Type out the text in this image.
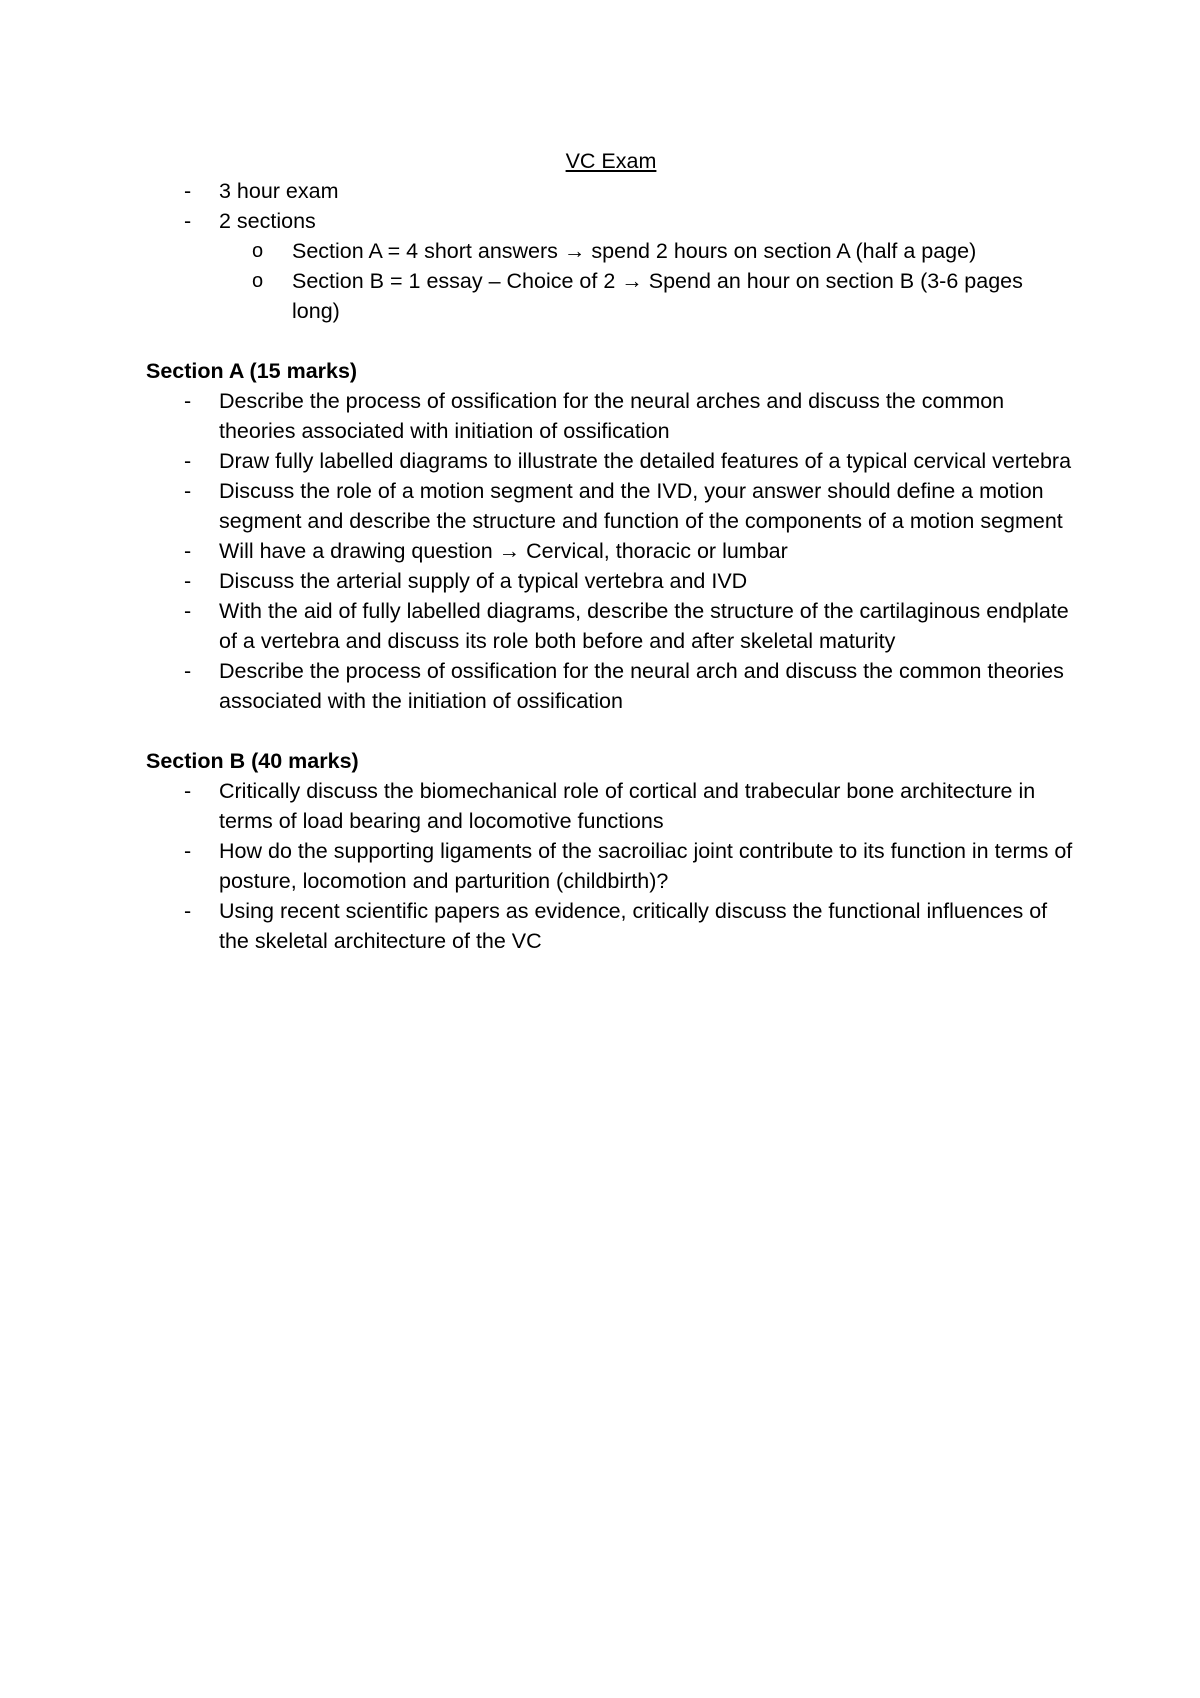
VC Exam
- 3 hour exam
- 2 sections
o Section A = 4 short answers → spend 2 hours on section A (half a page)
o Section B = 1 essay – Choice of 2 → Spend an hour on section B (3-6 pages long)
Section A (15 marks)
- Describe the process of ossification for the neural arches and discuss the common theories associated with initiation of ossification
- Draw fully labelled diagrams to illustrate the detailed features of a typical cervical vertebra
- Discuss the role of a motion segment and the IVD, your answer should define a motion segment and describe the structure and function of the components of a motion segment
- Will have a drawing question → Cervical, thoracic or lumbar
- Discuss the arterial supply of a typical vertebra and IVD
- With the aid of fully labelled diagrams, describe the structure of the cartilaginous endplate of a vertebra and discuss its role both before and after skeletal maturity
- Describe the process of ossification for the neural arch and discuss the common theories associated with the initiation of ossification
Section B (40 marks)
- Critically discuss the biomechanical role of cortical and trabecular bone architecture in terms of load bearing and locomotive functions
- How do the supporting ligaments of the sacroiliac joint contribute to its function in terms of posture, locomotion and parturition (childbirth)?
- Using recent scientific papers as evidence, critically discuss the functional influences of the skeletal architecture of the VC
